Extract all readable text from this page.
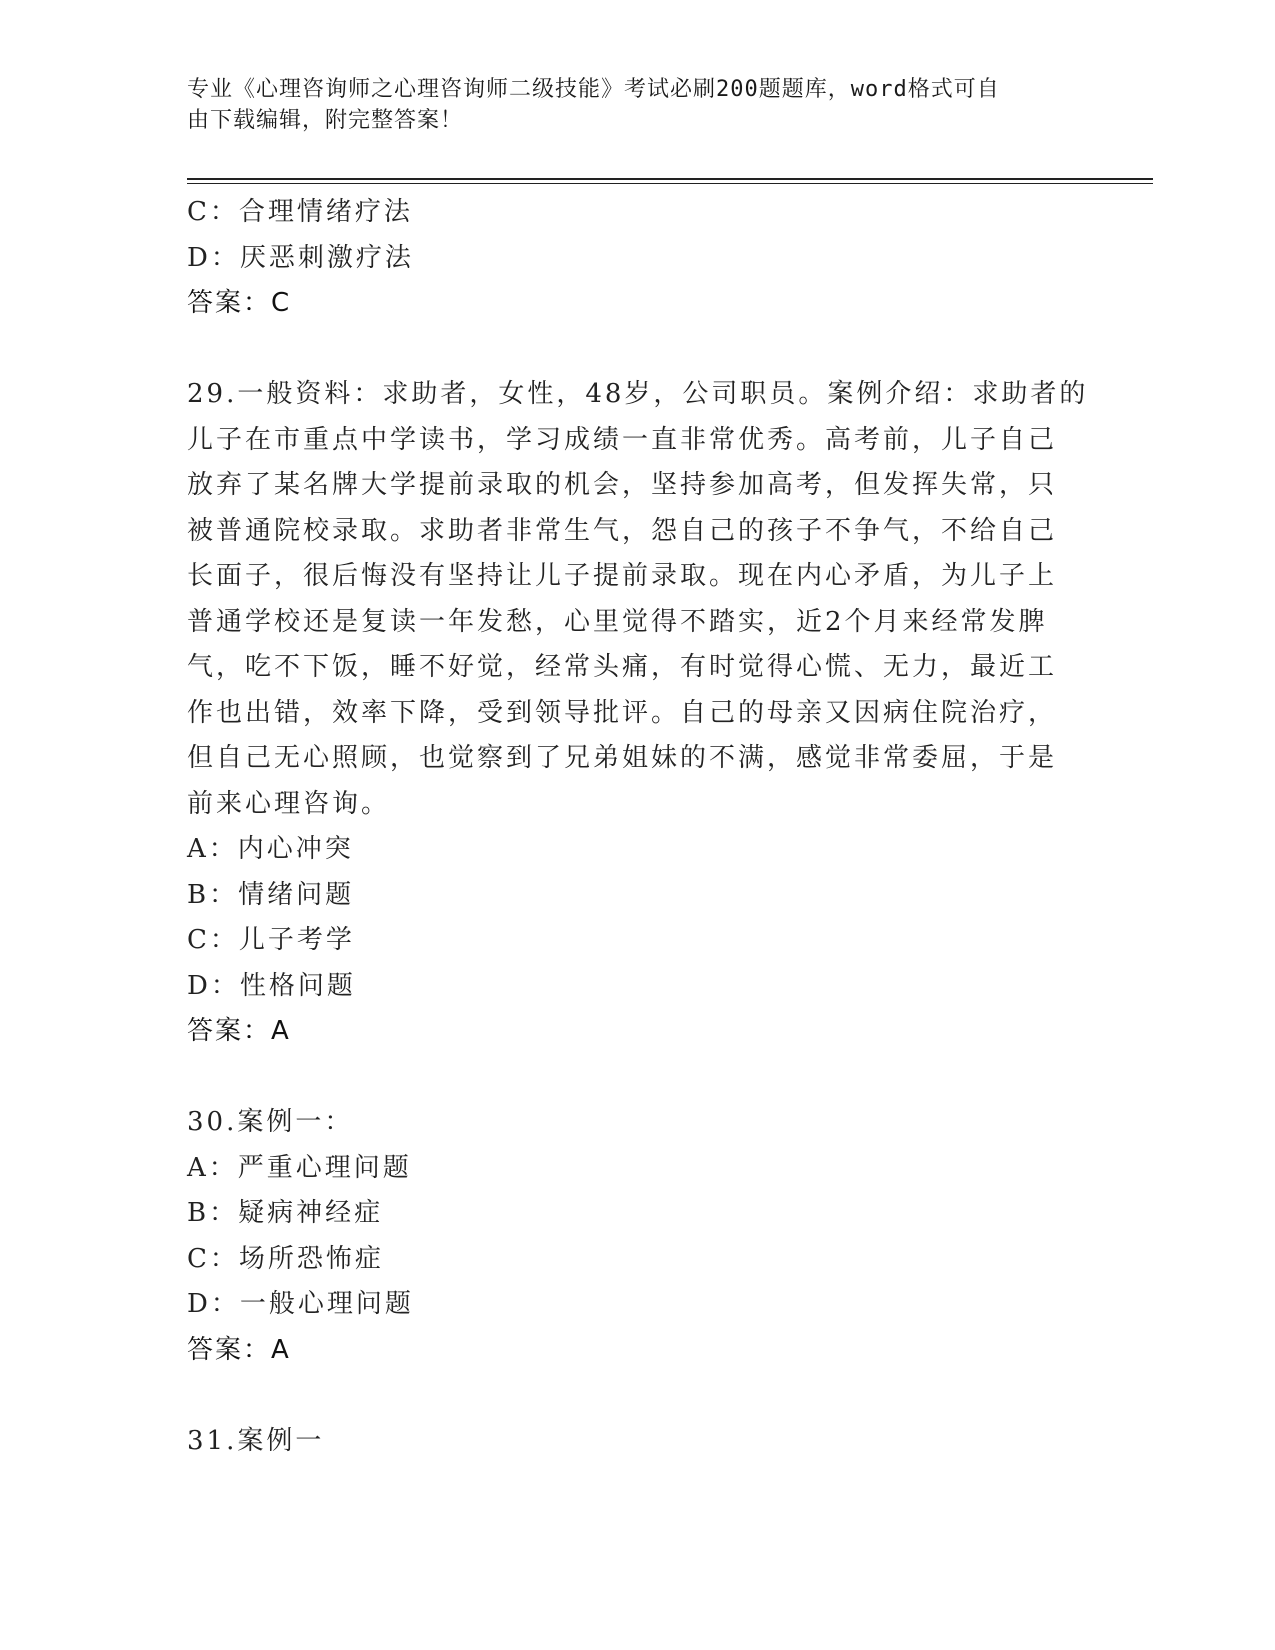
专业《心理咨询师之心理咨询师二级技能》考试必刷200题题库，word格式可自
由下载编辑，附完整答案！
C：合理情绪疗法
D：厌恶刺激疗法
答案：C
29.一般资料：求助者，女性，48岁，公司职员。案例介绍：求助者的
儿子在市重点中学读书，学习成绩一直非常优秀。高考前，儿子自己
放弃了某名牌大学提前录取的机会，坚持参加高考，但发挥失常，只
被普通院校录取。求助者非常生气，怨自己的孩子不争气，不给自己
长面子，很后悔没有坚持让儿子提前录取。现在内心矛盾，为儿子上
普通学校还是复读一年发愁，心里觉得不踏实，近2个月来经常发脾
气，吃不下饭，睡不好觉，经常头痛，有时觉得心慌、无力，最近工
作也出错，效率下降，受到领导批评。自己的母亲又因病住院治疗，
但自己无心照顾，也觉察到了兄弟姐妹的不满，感觉非常委屈，于是
前来心理咨询。
A：内心冲突
B：情绪问题
C：儿子考学
D：性格问题
答案：A
30.案例一：
A：严重心理问题
B：疑病神经症
C：场所恐怖症
D：一般心理问题
答案：A
31.案例一
